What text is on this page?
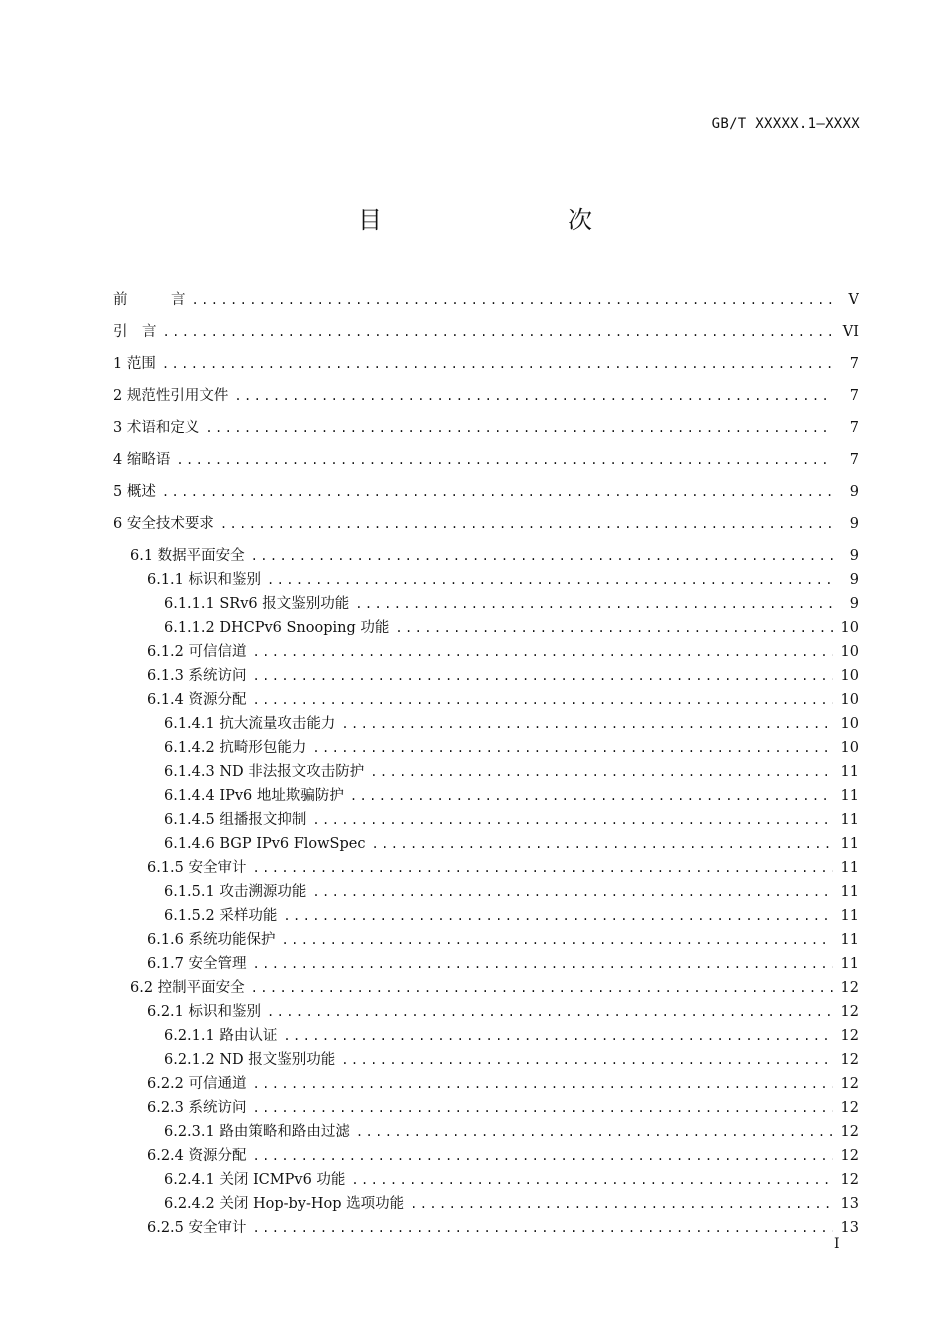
GB/T XXXXX.1—XXXX
目　　次
前　　　言 .....	V
引　言 .....	VI
1 范围 .....	7
2 规范性引用文件 .....	7
3 术语和定义 .....	7
4 缩略语 .....	7
5 概述 .....	9
6 安全技术要求 .....	9
6.1 数据平面安全 .....	9
6.1.1 标识和鉴别 .....	9
6.1.1.1 SRv6 报文鉴别功能 .....	9
6.1.1.2 DHCPv6 Snooping 功能 .....	10
6.1.2 可信信道 .....	10
6.1.3 系统访问 .....	10
6.1.4 资源分配 .....	10
6.1.4.1 抗大流量攻击能力 .....	10
6.1.4.2 抗畸形包能力 .....	10
6.1.4.3 ND 非法报文攻击防护 .....	11
6.1.4.4 IPv6 地址欺骗防护 .....	11
6.1.4.5 组播报文抑制 .....	11
6.1.4.6 BGP IPv6 FlowSpec .....	11
6.1.5 安全审计 .....	11
6.1.5.1 攻击溯源功能 .....	11
6.1.5.2 采样功能 .....	11
6.1.6 系统功能保护 .....	11
6.1.7 安全管理 .....	11
6.2 控制平面安全 .....	12
6.2.1 标识和鉴别 .....	12
6.2.1.1 路由认证 .....	12
6.2.1.2 ND 报文鉴别功能 .....	12
6.2.2 可信通道 .....	12
6.2.3 系统访问 .....	12
6.2.3.1 路由策略和路由过滤 .....	12
6.2.4 资源分配 .....	12
6.2.4.1 关闭 ICMPv6 功能 .....	12
6.2.4.2 关闭 Hop-by-Hop 选项功能 .....	13
6.2.5 安全审计 .....	13
I
